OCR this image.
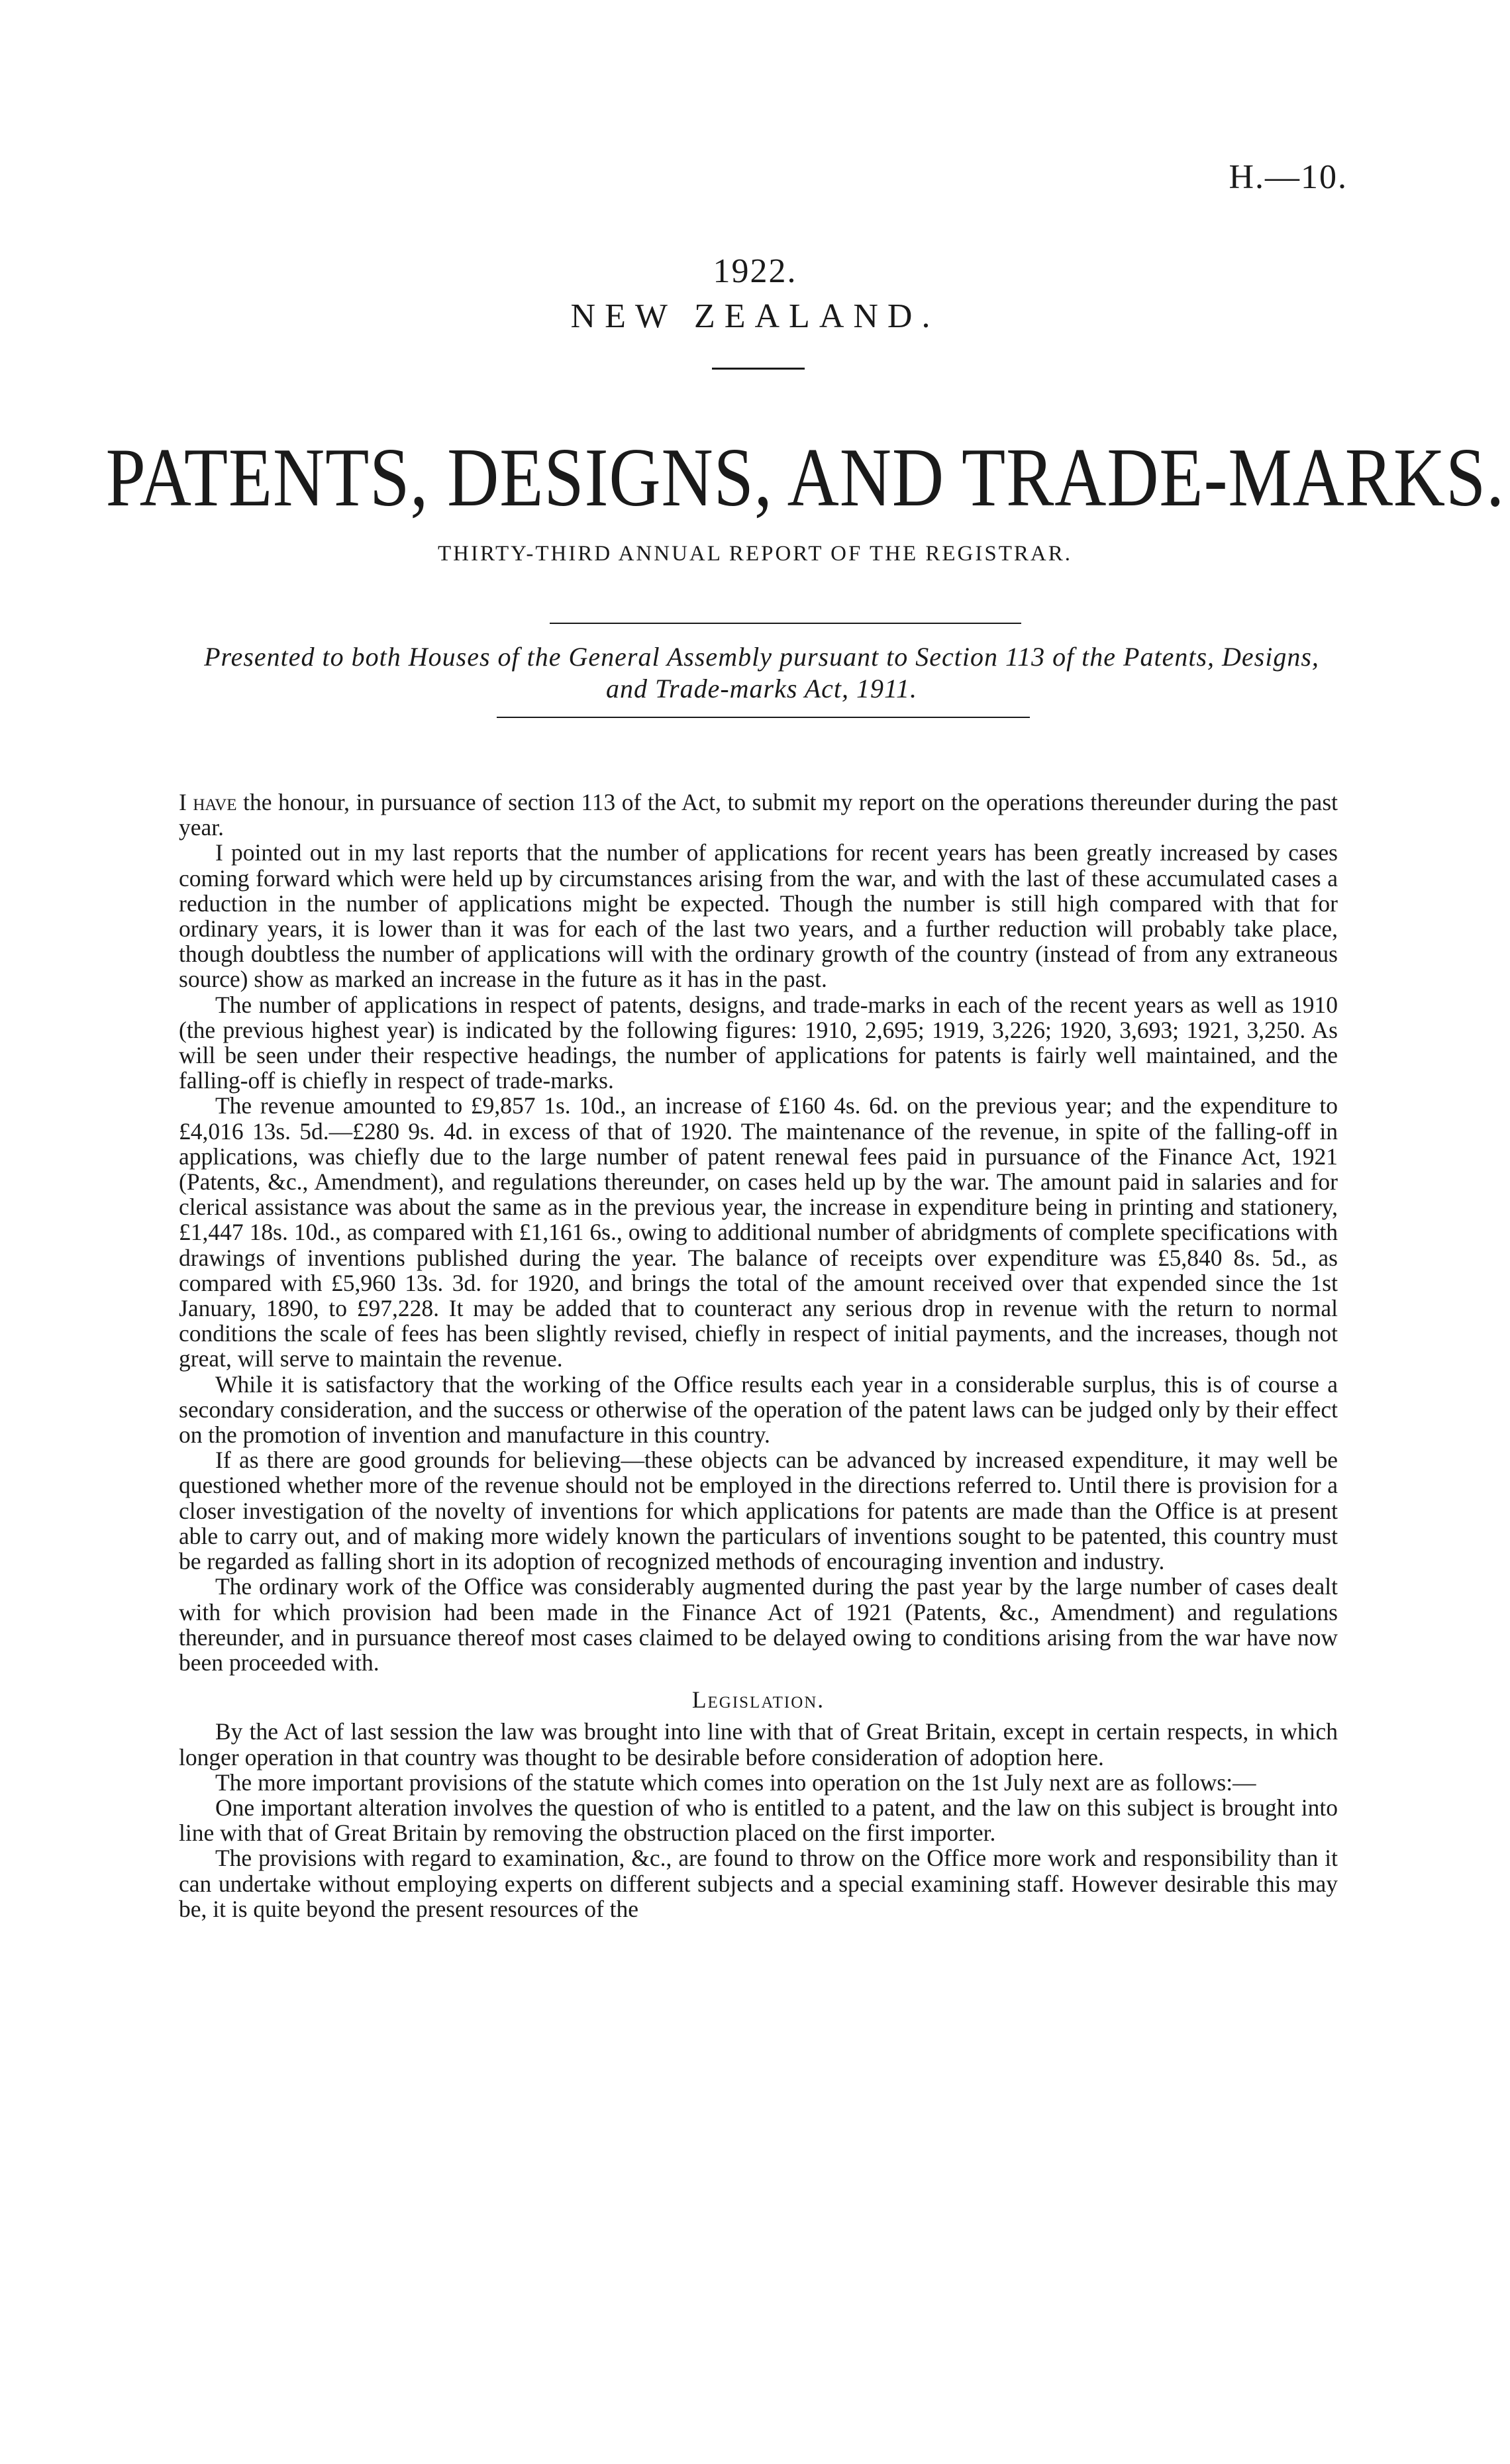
H.—10.
1922.
NEW ZEALAND.
PATENTS, DESIGNS, AND TRADE-MARKS.
THIRTY-THIRD ANNUAL REPORT OF THE REGISTRAR.
Presented to both Houses of the General Assembly pursuant to Section 113 of the Patents, Designs, and Trade-marks Act, 1911.

I have the honour, in pursuance of section 113 of the Act, to submit my report on the operations thereunder during the past year.

I pointed out in my last reports that the number of applications for recent years has been greatly increased by cases coming forward which were held up by circumstances arising from the war, and with the last of these accumulated cases a reduction in the number of applications might be expected. Though the number is still high compared with that for ordinary years, it is lower than it was for each of the last two years, and a further reduction will probably take place, though doubtless the number of applications will with the ordinary growth of the country (instead of from any extraneous source) show as marked an increase in the future as it has in the past.

The number of applications in respect of patents, designs, and trade-marks in each of the recent years as well as 1910 (the previous highest year) is indicated by the following figures: 1910, 2,695; 1919, 3,226; 1920, 3,693; 1921, 3,250. As will be seen under their respective headings, the number of applications for patents is fairly well maintained, and the falling-off is chiefly in respect of trade-marks.

The revenue amounted to £9,857 1s. 10d., an increase of £160 4s. 6d. on the previous year; and the expenditure to £4,016 13s. 5d.—£280 9s. 4d. in excess of that of 1920. The maintenance of the revenue, in spite of the falling-off in applications, was chiefly due to the large number of patent renewal fees paid in pursuance of the Finance Act, 1921 (Patents, &c., Amendment), and regulations thereunder, on cases held up by the war. The amount paid in salaries and for clerical assistance was about the same as in the previous year, the increase in expenditure being in printing and stationery, £1,447 18s. 10d., as compared with £1,161 6s., owing to additional number of abridgments of complete specifications with drawings of inventions published during the year. The balance of receipts over expenditure was £5,840 8s. 5d., as compared with £5,960 13s. 3d. for 1920, and brings the total of the amount received over that expended since the 1st January, 1890, to £97,228. It may be added that to counteract any serious drop in revenue with the return to normal conditions the scale of fees has been slightly revised, chiefly in respect of initial payments, and the increases, though not great, will serve to maintain the revenue.

While it is satisfactory that the working of the Office results each year in a considerable surplus, this is of course a secondary consideration, and the success or otherwise of the operation of the patent laws can be judged only by their effect on the promotion of invention and manufacture in this country.

If as there are good grounds for believing—these objects can be advanced by increased expenditure, it may well be questioned whether more of the revenue should not be employed in the directions referred to. Until there is provision for a closer investigation of the novelty of inventions for which applications for patents are made than the Office is at present able to carry out, and of making more widely known the particulars of inventions sought to be patented, this country must be regarded as falling short in its adoption of recognized methods of encouraging invention and industry.

The ordinary work of the Office was considerably augmented during the past year by the large number of cases dealt with for which provision had been made in the Finance Act of 1921 (Patents, &c., Amendment) and regulations thereunder, and in pursuance thereof most cases claimed to be delayed owing to conditions arising from the war have now been proceeded with.

Legislation.

By the Act of last session the law was brought into line with that of Great Britain, except in certain respects, in which longer operation in that country was thought to be desirable before consideration of adoption here.

The more important provisions of the statute which comes into operation on the 1st July next are as follows:—

One important alteration involves the question of who is entitled to a patent, and the law on this subject is brought into line with that of Great Britain by removing the obstruction placed on the first importer.

The provisions with regard to examination, &c., are found to throw on the Office more work and responsibility than it can undertake without employing experts on different subjects and a special examining staff. However desirable this may be, it is quite beyond the present resources of the
